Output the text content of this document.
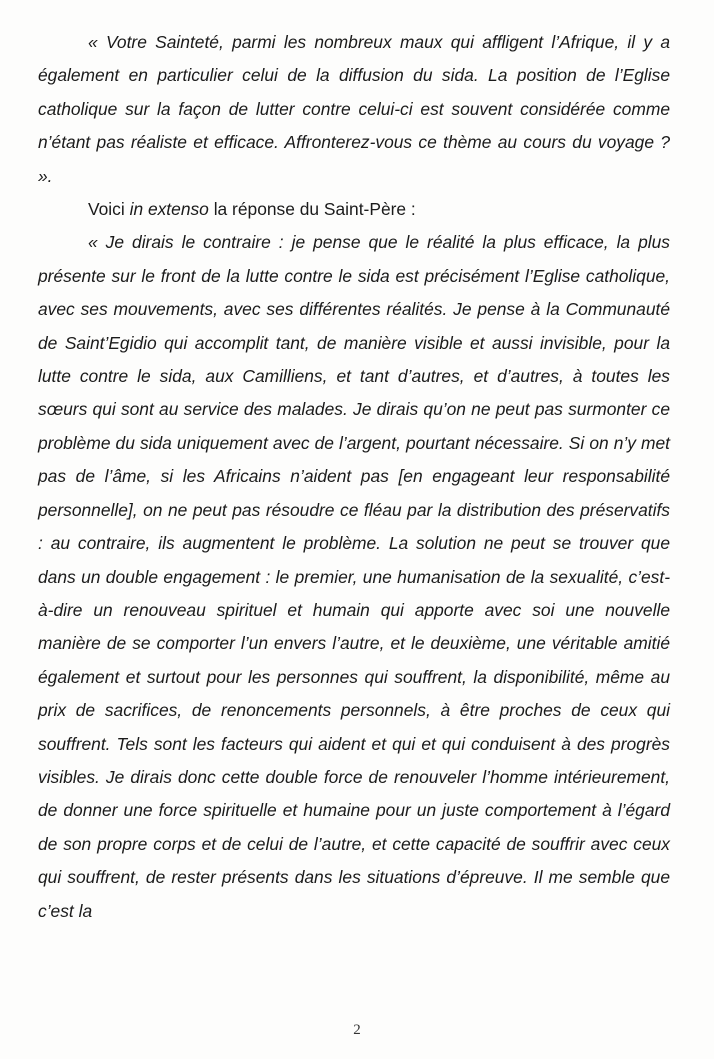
« Votre Sainteté, parmi les nombreux maux qui affligent l’Afrique, il y a également en particulier celui de la diffusion du sida. La position de l’Eglise catholique sur la façon de lutter contre celui-ci est souvent considérée comme n’étant pas réaliste et efficace. Affronterez-vous ce thème au cours du voyage ? ».

Voici in extenso la réponse du Saint-Père :

« Je dirais le contraire : je pense que le réalité la plus efficace, la plus présente sur le front de la lutte contre le sida est précisément l’Eglise catholique, avec ses mouvements, avec ses différentes réalités. Je pense à la Communauté de Saint’Egidio qui accomplit tant, de manière visible et aussi invisible, pour la lutte contre le sida, aux Camilliens, et tant d’autres, et d’autres, à toutes les sœurs qui sont au service des malades. Je dirais qu’on ne peut pas surmonter ce problème du sida uniquement avec de l’argent, pourtant nécessaire. Si on n’y met pas de l’âme, si les Africains n’aident pas [en engageant leur responsabilité personnelle], on ne peut pas résoudre ce fléau par la distribution des préservatifs : au contraire, ils augmentent le problème. La solution ne peut se trouver que dans un double engagement : le premier, une humanisation de la sexualité, c’est-à-dire un renouveau spirituel et humain qui apporte avec soi une nouvelle manière de se comporter l’un envers l’autre, et le deuxième, une véritable amitié également et surtout pour les personnes qui souffrent, la disponibilité, même au prix de sacrifices, de renoncements personnels, à être proches de ceux qui souffrent. Tels sont les facteurs qui aident et qui et qui conduisent à des progrès visibles. Je dirais donc cette double force de renouveler l’homme intérieurement, de donner une force spirituelle et humaine pour un juste comportement à l’égard de son propre corps et de celui de l’autre, et cette capacité de souffrir avec ceux qui souffrent, de rester présents dans les situations d’épreuve. Il me semble que c’est la

2
